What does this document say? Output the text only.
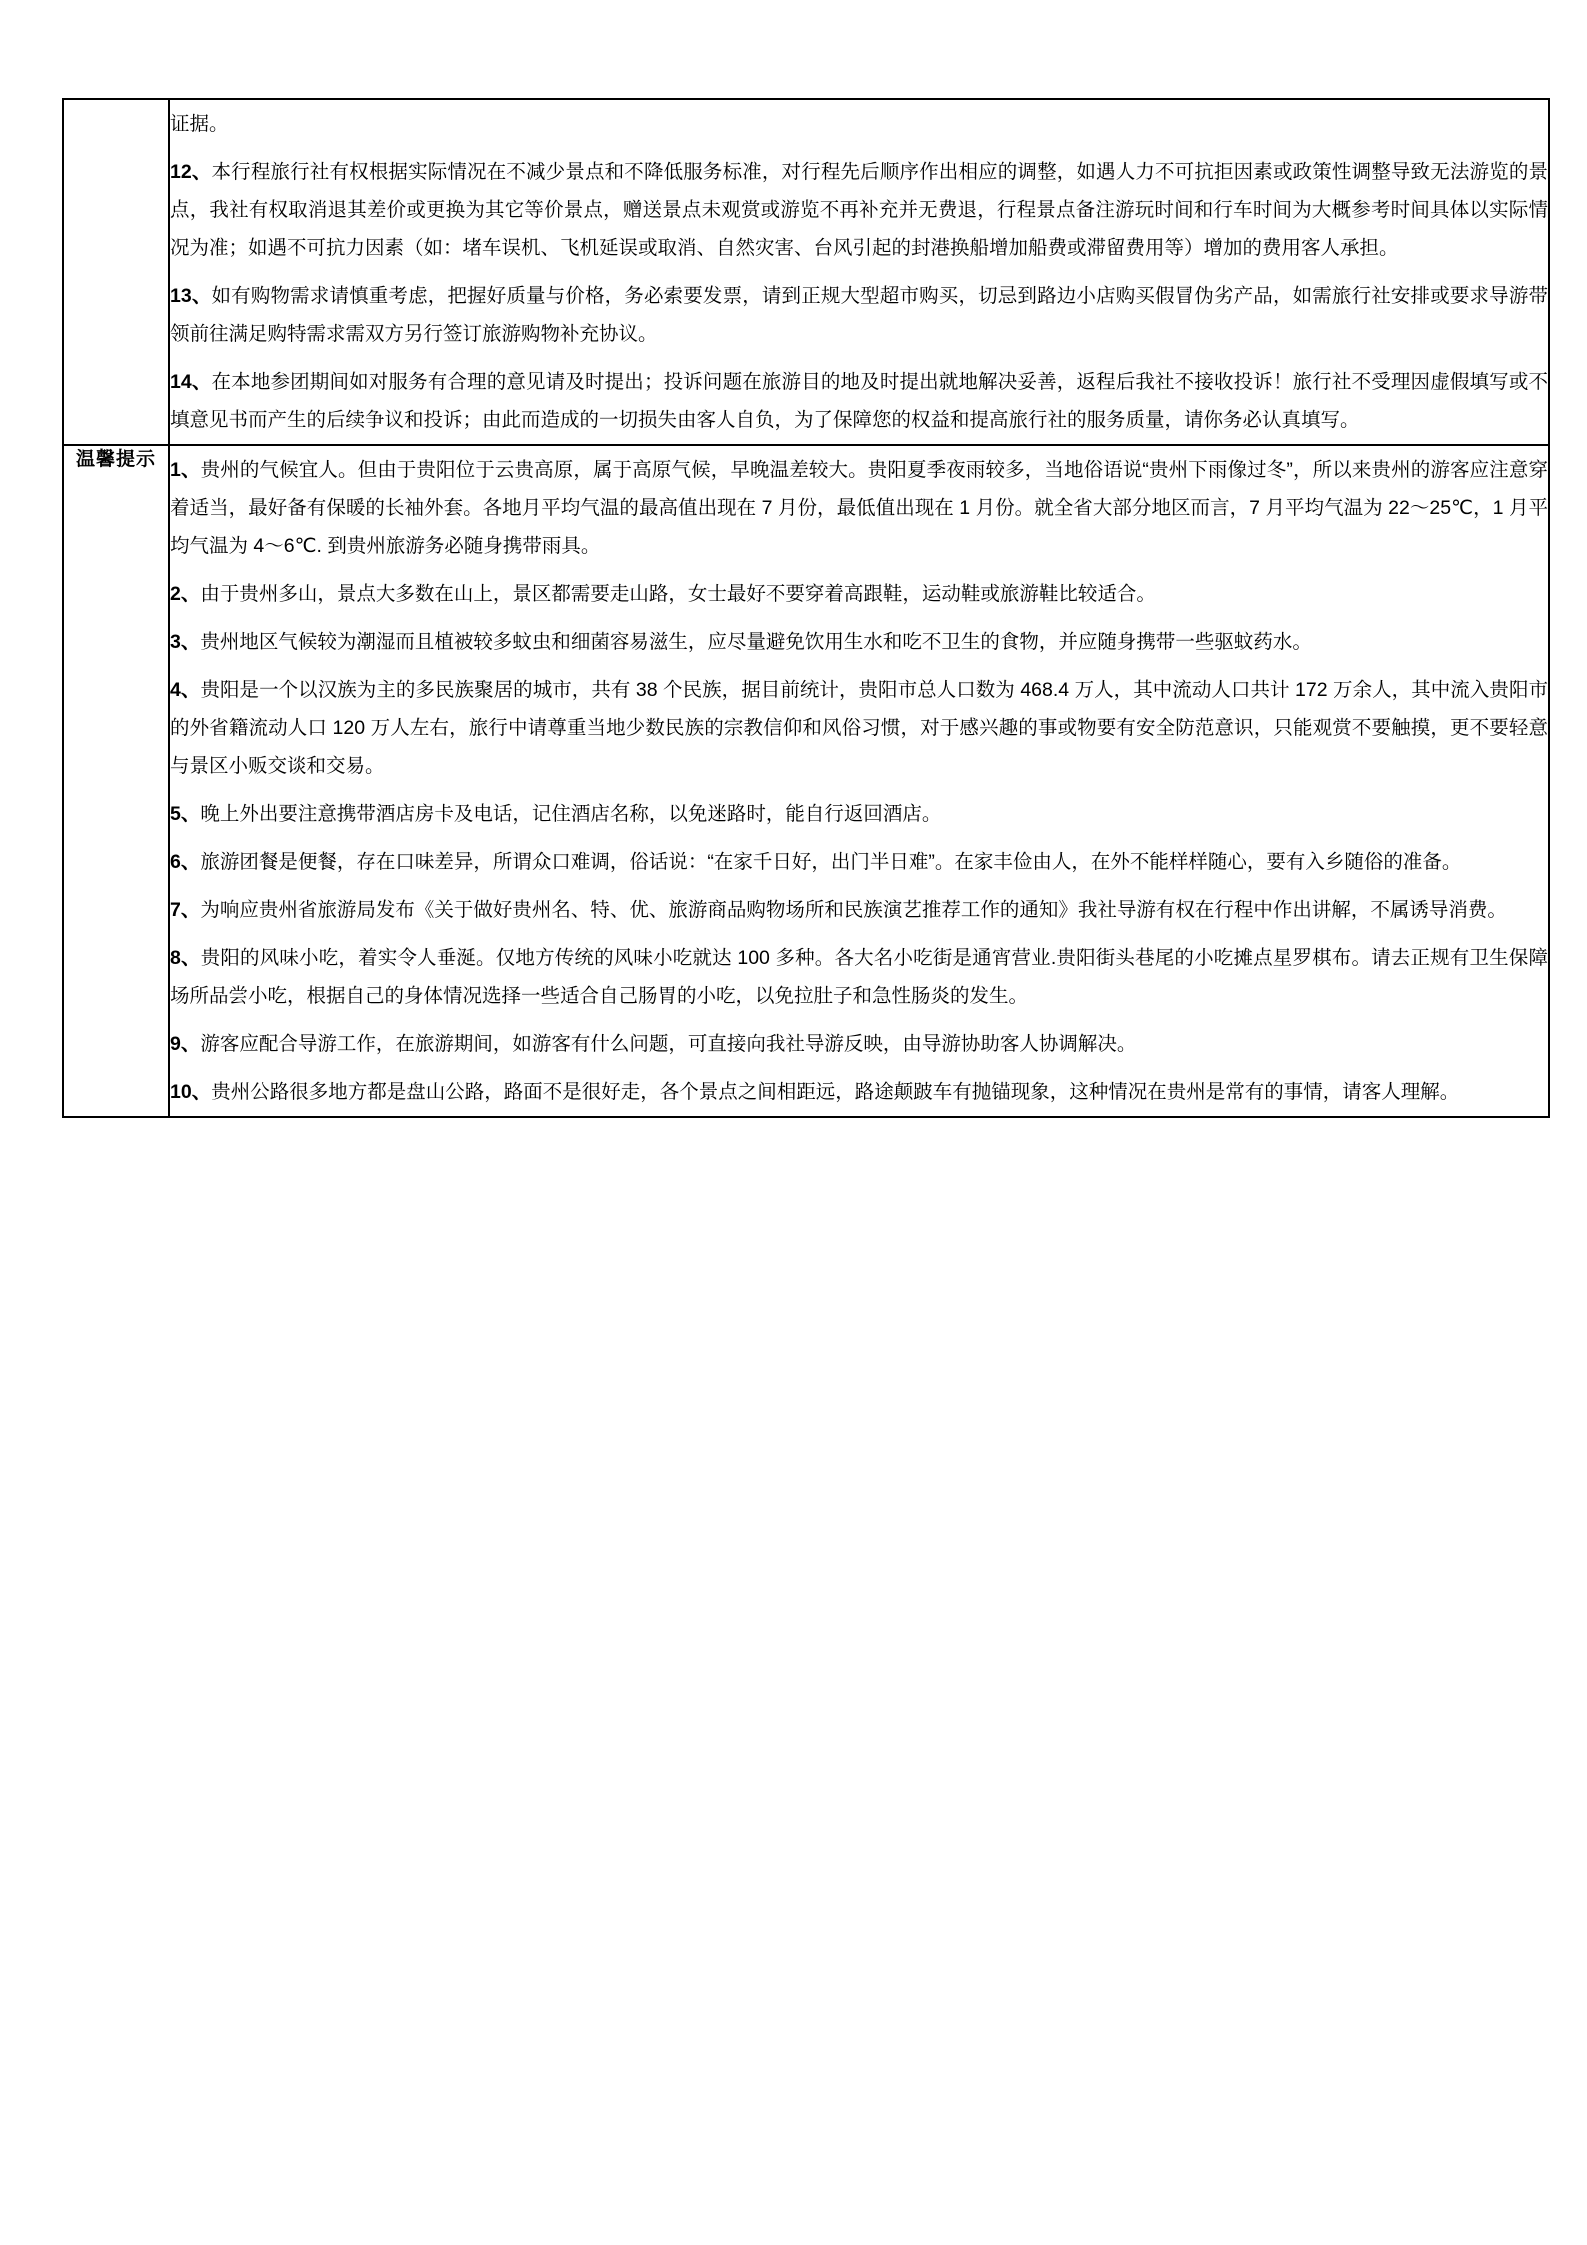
	证据。

12、本行程旅行社有权根据实际情况在不减少景点和不降低服务标准，对行程先后顺序作出相应的调整，如遇人力不可抗拒因素或政策性调整导致无法游览的景点，我社有权取消退其差价或更换为其它等价景点，赠送景点未观赏或游览不再补充并无费退，行程景点备注游玩时间和行车时间为大概参考时间具体以实际情况为准；如遇不可抗力因素（如：堵车误机、飞机延误或取消、自然灾害、台风引起的封港换船增加船费或滞留费用等）增加的费用客人承担。

13、如有购物需求请慎重考虑，把握好质量与价格，务必索要发票，请到正规大型超市购买，切忌到路边小店购买假冒伪劣产品，如需旅行社安排或要求导游带领前往满足购特需求需双方另行签订旅游购物补充协议。

14、在本地参团期间如对服务有合理的意见请及时提出；投诉问题在旅游目的地及时提出就地解决妥善，返程后我社不接收投诉！旅行社不受理因虚假填写或不填意见书而产生的后续争议和投诉；由此而造成的一切损失由客人自负，为了保障您的权益和提高旅行社的服务质量，请你务必认真填写。

温馨提示	1、贵州的气候宜人。但由于贵阳位于云贵高原，属于高原气候，早晚温差较大。贵阳夏季夜雨较多，当地俗语说“贵州下雨像过冬”，所以来贵州的游客应注意穿着适当，最好备有保暖的长袖外套。各地月平均气温的最高值出现在 7 月份，最低值出现在 1 月份。就全省大部分地区而言，7 月平均气温为 22～25℃，1 月平均气温为 4～6℃. 到贵州旅游务必随身携带雨具。

2、由于贵州多山，景点大多数在山上，景区都需要走山路，女士最好不要穿着高跟鞋，运动鞋或旅游鞋比较适合。

3、贵州地区气候较为潮湿而且植被较多蚊虫和细菌容易滋生，应尽量避免饮用生水和吃不卫生的食物，并应随身携带一些驱蚊药水。

4、贵阳是一个以汉族为主的多民族聚居的城市，共有 38 个民族，据目前统计，贵阳市总人口数为 468.4 万人，其中流动人口共计 172 万余人，其中流入贵阳市的外省籍流动人口 120 万人左右，旅行中请尊重当地少数民族的宗教信仰和风俗习惯，对于感兴趣的事或物要有安全防范意识，只能观赏不要触摸，更不要轻意与景区小贩交谈和交易。

5、晚上外出要注意携带酒店房卡及电话，记住酒店名称，以免迷路时，能自行返回酒店。

6、旅游团餐是便餐，存在口味差异，所谓众口难调，俗话说：“在家千日好，出门半日难”。在家丰俭由人，在外不能样样随心，要有入乡随俗的准备。

7、为响应贵州省旅游局发布《关于做好贵州名、特、优、旅游商品购物场所和民族演艺推荐工作的通知》我社导游有权在行程中作出讲解，不属诱导消费。

8、贵阳的风味小吃，着实令人垂涎。仅地方传统的风味小吃就达 100 多种。各大名小吃街是通宵营业.贵阳街头巷尾的小吃摊点星罗棋布。请去正规有卫生保障场所品尝小吃，根据自己的身体情况选择一些适合自己肠胃的小吃，以免拉肚子和急性肠炎的发生。

9、游客应配合导游工作，在旅游期间，如游客有什么问题，可直接向我社导游反映，由导游协助客人协调解决。

10、贵州公路很多地方都是盘山公路，路面不是很好走，各个景点之间相距远，路途颠跛车有抛锚现象，这种情况在贵州是常有的事情，请客人理解。
